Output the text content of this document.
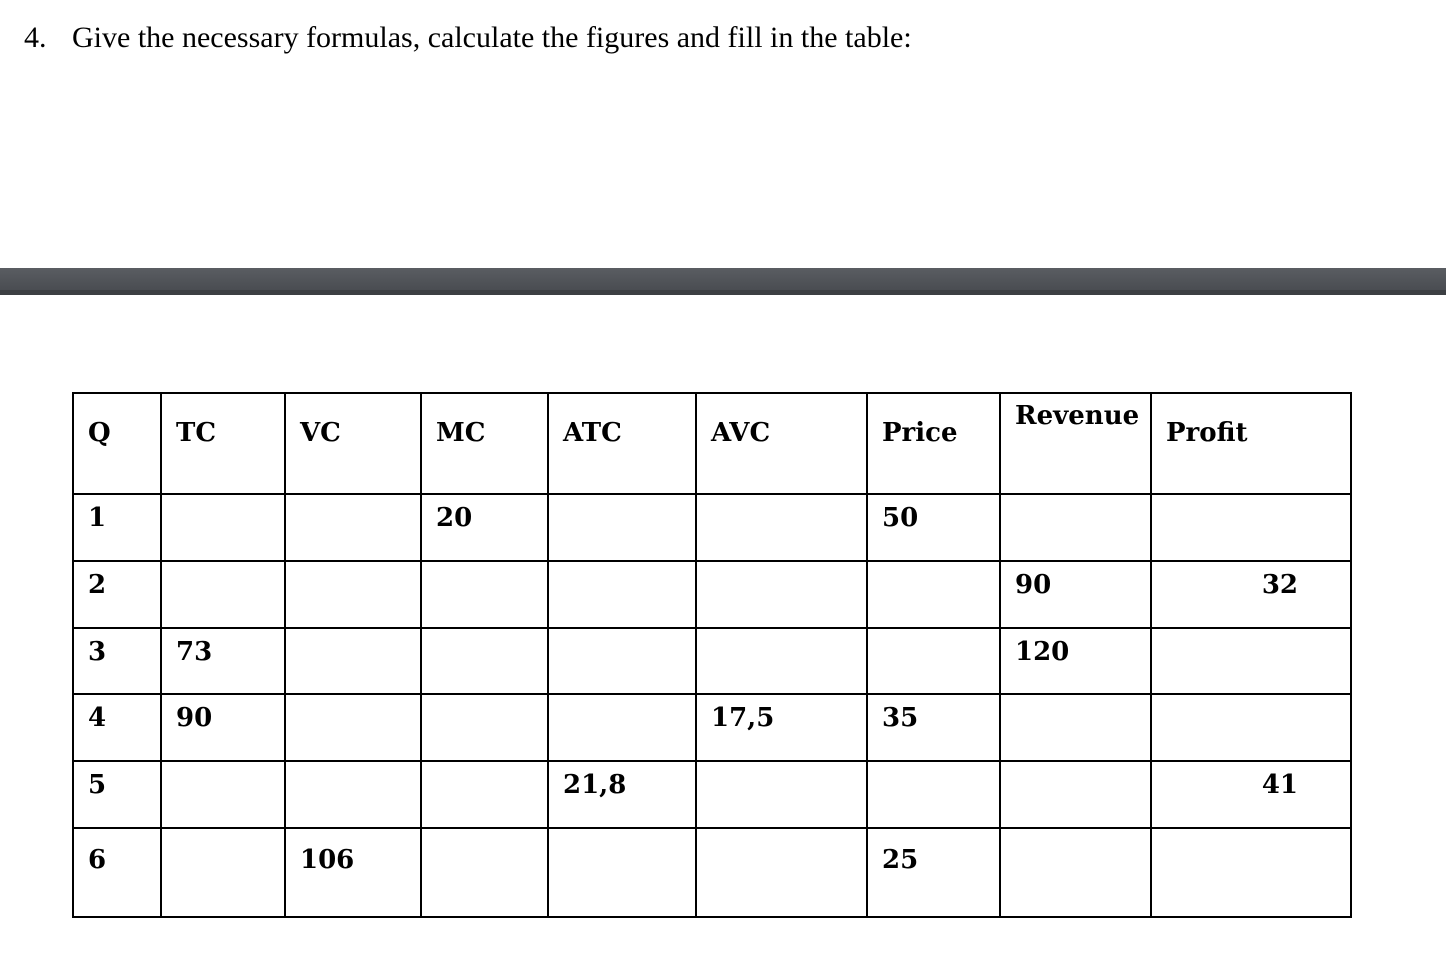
4. Give the necessary formulas, calculate the figures and fill in the table:
Q	TC	VC	MC	ATC	AVC	Price	Revenue	Profit
1			20			50		
2							90	32
3	73						120	
4	90				17,5	35		
5				21,8				41
6		106				25		
